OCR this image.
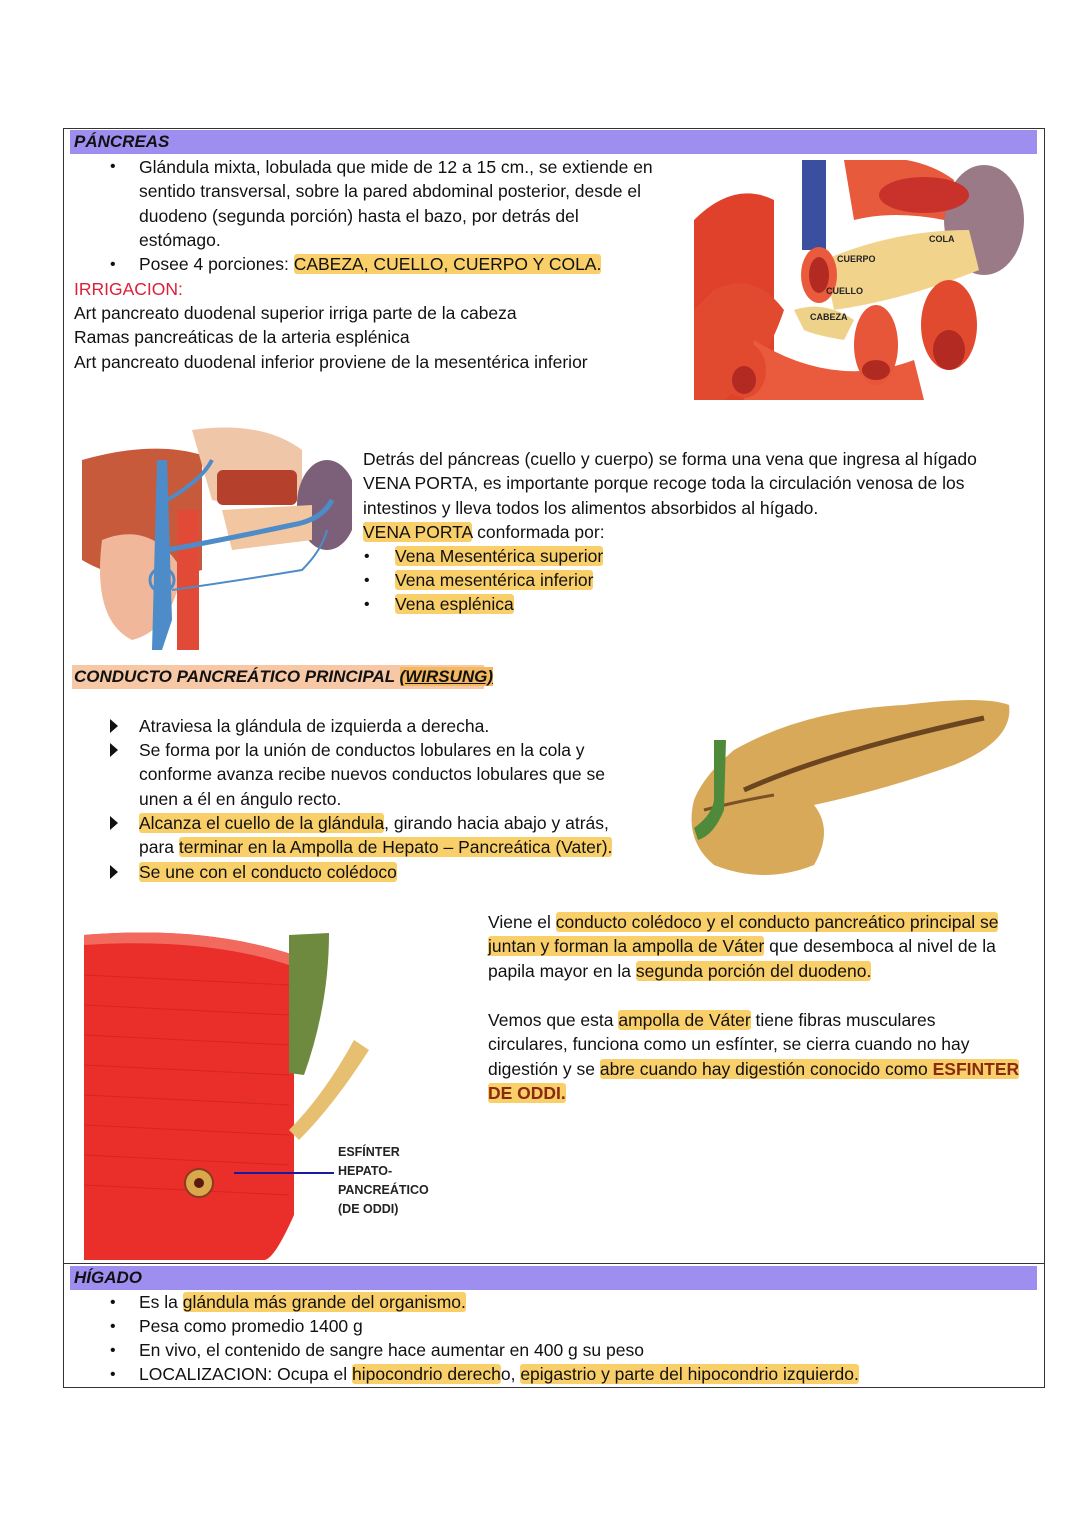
PÁNCREAS
• Glándula mixta, lobulada que mide de 12 a 15 cm., se extiende en
sentido transversal, sobre la pared abdominal posterior, desde el
duodeno (segunda porción) hasta el bazo, por detrás del
estómago.
• Posee 4 porciones: CABEZA, CUELLO, CUERPO Y COLA.
IRRIGACION:
Art pancreato duodenal superior irriga parte de la cabeza
Ramas pancreáticas de la arteria esplénica
Art pancreato duodenal inferior proviene de la mesentérica inferior
COLA
CUERPO
CUELLO
CABEZA
Detrás del páncreas (cuello y cuerpo) se forma una vena que ingresa al hígado
VENA PORTA, es importante porque recoge toda la circulación venosa de los
intestinos y lleva todos los alimentos absorbidos al hígado.
VENA PORTA conformada por:
• Vena Mesentérica superior
• Vena mesentérica inferior
• Vena esplénica
CONDUCTO PANCREÁTICO PRINCIPAL (WIRSUNG)
Atraviesa la glándula de izquierda a derecha.
Se forma por la unión de conductos lobulares en la cola y
conforme avanza recibe nuevos conductos lobulares que se
unen a él en ángulo recto.
Alcanza el cuello de la glándula, girando hacia abajo y atrás,
para terminar en la Ampolla de Hepato – Pancreática (Vater).
Se une con el conducto colédoco
ESFÍNTER
HEPATO-
PANCREÁTICO
(DE ODDI)
Viene el conducto colédoco y el conducto pancreático principal se
juntan y forman la ampolla de Váter que desemboca al nivel de la
papila mayor en la segunda porción del duodeno.
Vemos que esta ampolla de Váter tiene fibras musculares
circulares, funciona como un esfínter, se cierra cuando no hay
digestión y se abre cuando hay digestión conocido como ESFINTER
DE ODDI.
HÍGADO
• Es la glándula más grande del organismo.
• Pesa como promedio 1400 g
• En vivo, el contenido de sangre hace aumentar en 400 g su peso
• LOCALIZACION: Ocupa el hipocondrio derecho, epigastrio y parte del hipocondrio izquierdo.
